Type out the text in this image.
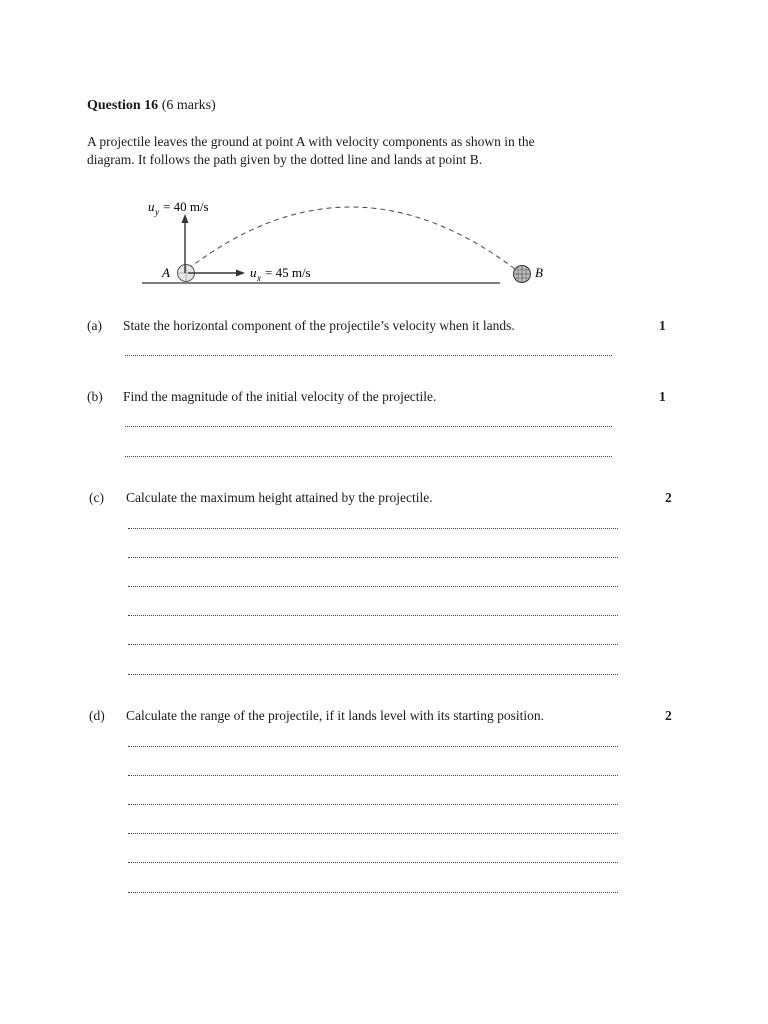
Question 16 (6 marks)
A projectile leaves the ground at point A with velocity components as shown in the
diagram. It follows the path given by the dotted line and lands at point B.
u y = 40 m/s
u x = 45 m/s
A	B
(a) State the horizontal component of the projectile’s velocity when it lands.	1
(b) Find the magnitude of the initial velocity of the projectile.	1
(c) Calculate the maximum height attained by the projectile.	2
(d) Calculate the range of the projectile, if it lands level with its starting position.	2
